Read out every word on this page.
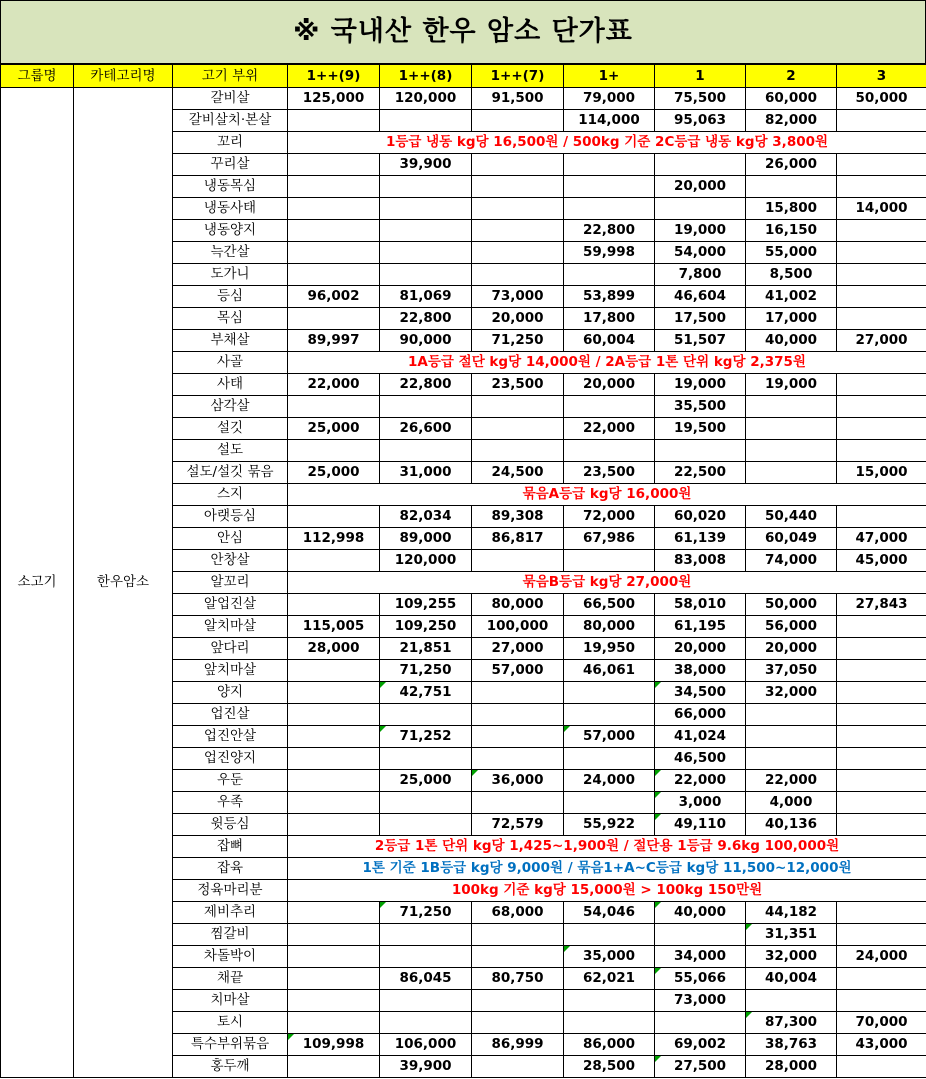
※ 국내산 한우 암소 단가표
그룹명	카테고리명	고기 부위	1++(9)	1++(8)	1++(7)	1+	1	2	3
소고기	한우암소	갈비살	125,000	120,000	91,500	79,000	75,500	60,000	50,000
		갈비살치·본살				114,000	95,063	82,000	
		꼬리	1등급 냉동 kg당 16,500원 / 500kg 기준 2C등급 냉동 kg당 3,800원						
		꾸리살		39,900				26,000	
		냉동목심					20,000		
		냉동사태						15,800	14,000
		냉동양지				22,800	19,000	16,150	
		늑간살				59,998	54,000	55,000	
		도가니					7,800	8,500	
		등심	96,002	81,069	73,000	53,899	46,604	41,002	
		목심		22,800	20,000	17,800	17,500	17,000	
		부채살	89,997	90,000	71,250	60,004	51,507	40,000	27,000
		사골	1A등급 절단 kg당 14,000원 / 2A등급 1톤 단위 kg당 2,375원						
		사태	22,000	22,800	23,500	20,000	19,000	19,000	
		삼각살					35,500		
		설깃	25,000	26,600		22,000	19,500		
		설도							
		설도/설깃 묶음	25,000	31,000	24,500	23,500	22,500		15,000
		스지	묶음A등급 kg당 16,000원						
		아랫등심		82,034	89,308	72,000	60,020	50,440	
		안심	112,998	89,000	86,817	67,986	61,139	60,049	47,000
		안창살		120,000			83,008	74,000	45,000
		알꼬리	묶음B등급 kg당 27,000원						
		알업진살		109,255	80,000	66,500	58,010	50,000	27,843
		알치마살	115,005	109,250	100,000	80,000	61,195	56,000	
		앞다리	28,000	21,851	27,000	19,950	20,000	20,000	
		앞치마살		71,250	57,000	46,061	38,000	37,050	
		양지		42,751			34,500	32,000	
		업진살					66,000		
		업진안살		71,252		57,000	41,024		
		업진양지					46,500		
		우둔		25,000	36,000	24,000	22,000	22,000	
		우족					3,000	4,000	
		윗등심			72,579	55,922	49,110	40,136	
		잡뼈	2등급 1톤 단위 kg당 1,425~1,900원 / 절단용 1등급 9.6kg 100,000원						
		잡육	1톤 기준 1B등급 kg당 9,000원 / 묶음1+A~C등급 kg당 11,500~12,000원						
		정육마리분	100kg 기준 kg당 15,000원 > 100kg 150만원						
		제비추리		71,250	68,000	54,046	40,000	44,182	
		찜갈비						31,351	
		차돌박이				35,000	34,000	32,000	24,000
		채끝		86,045	80,750	62,021	55,066	40,004	
		치마살					73,000		
		토시						87,300	70,000
		특수부위묶음	109,998	106,000	86,999	86,000	69,002	38,763	43,000
		홍두깨		39,900		28,500	27,500	28,000	
